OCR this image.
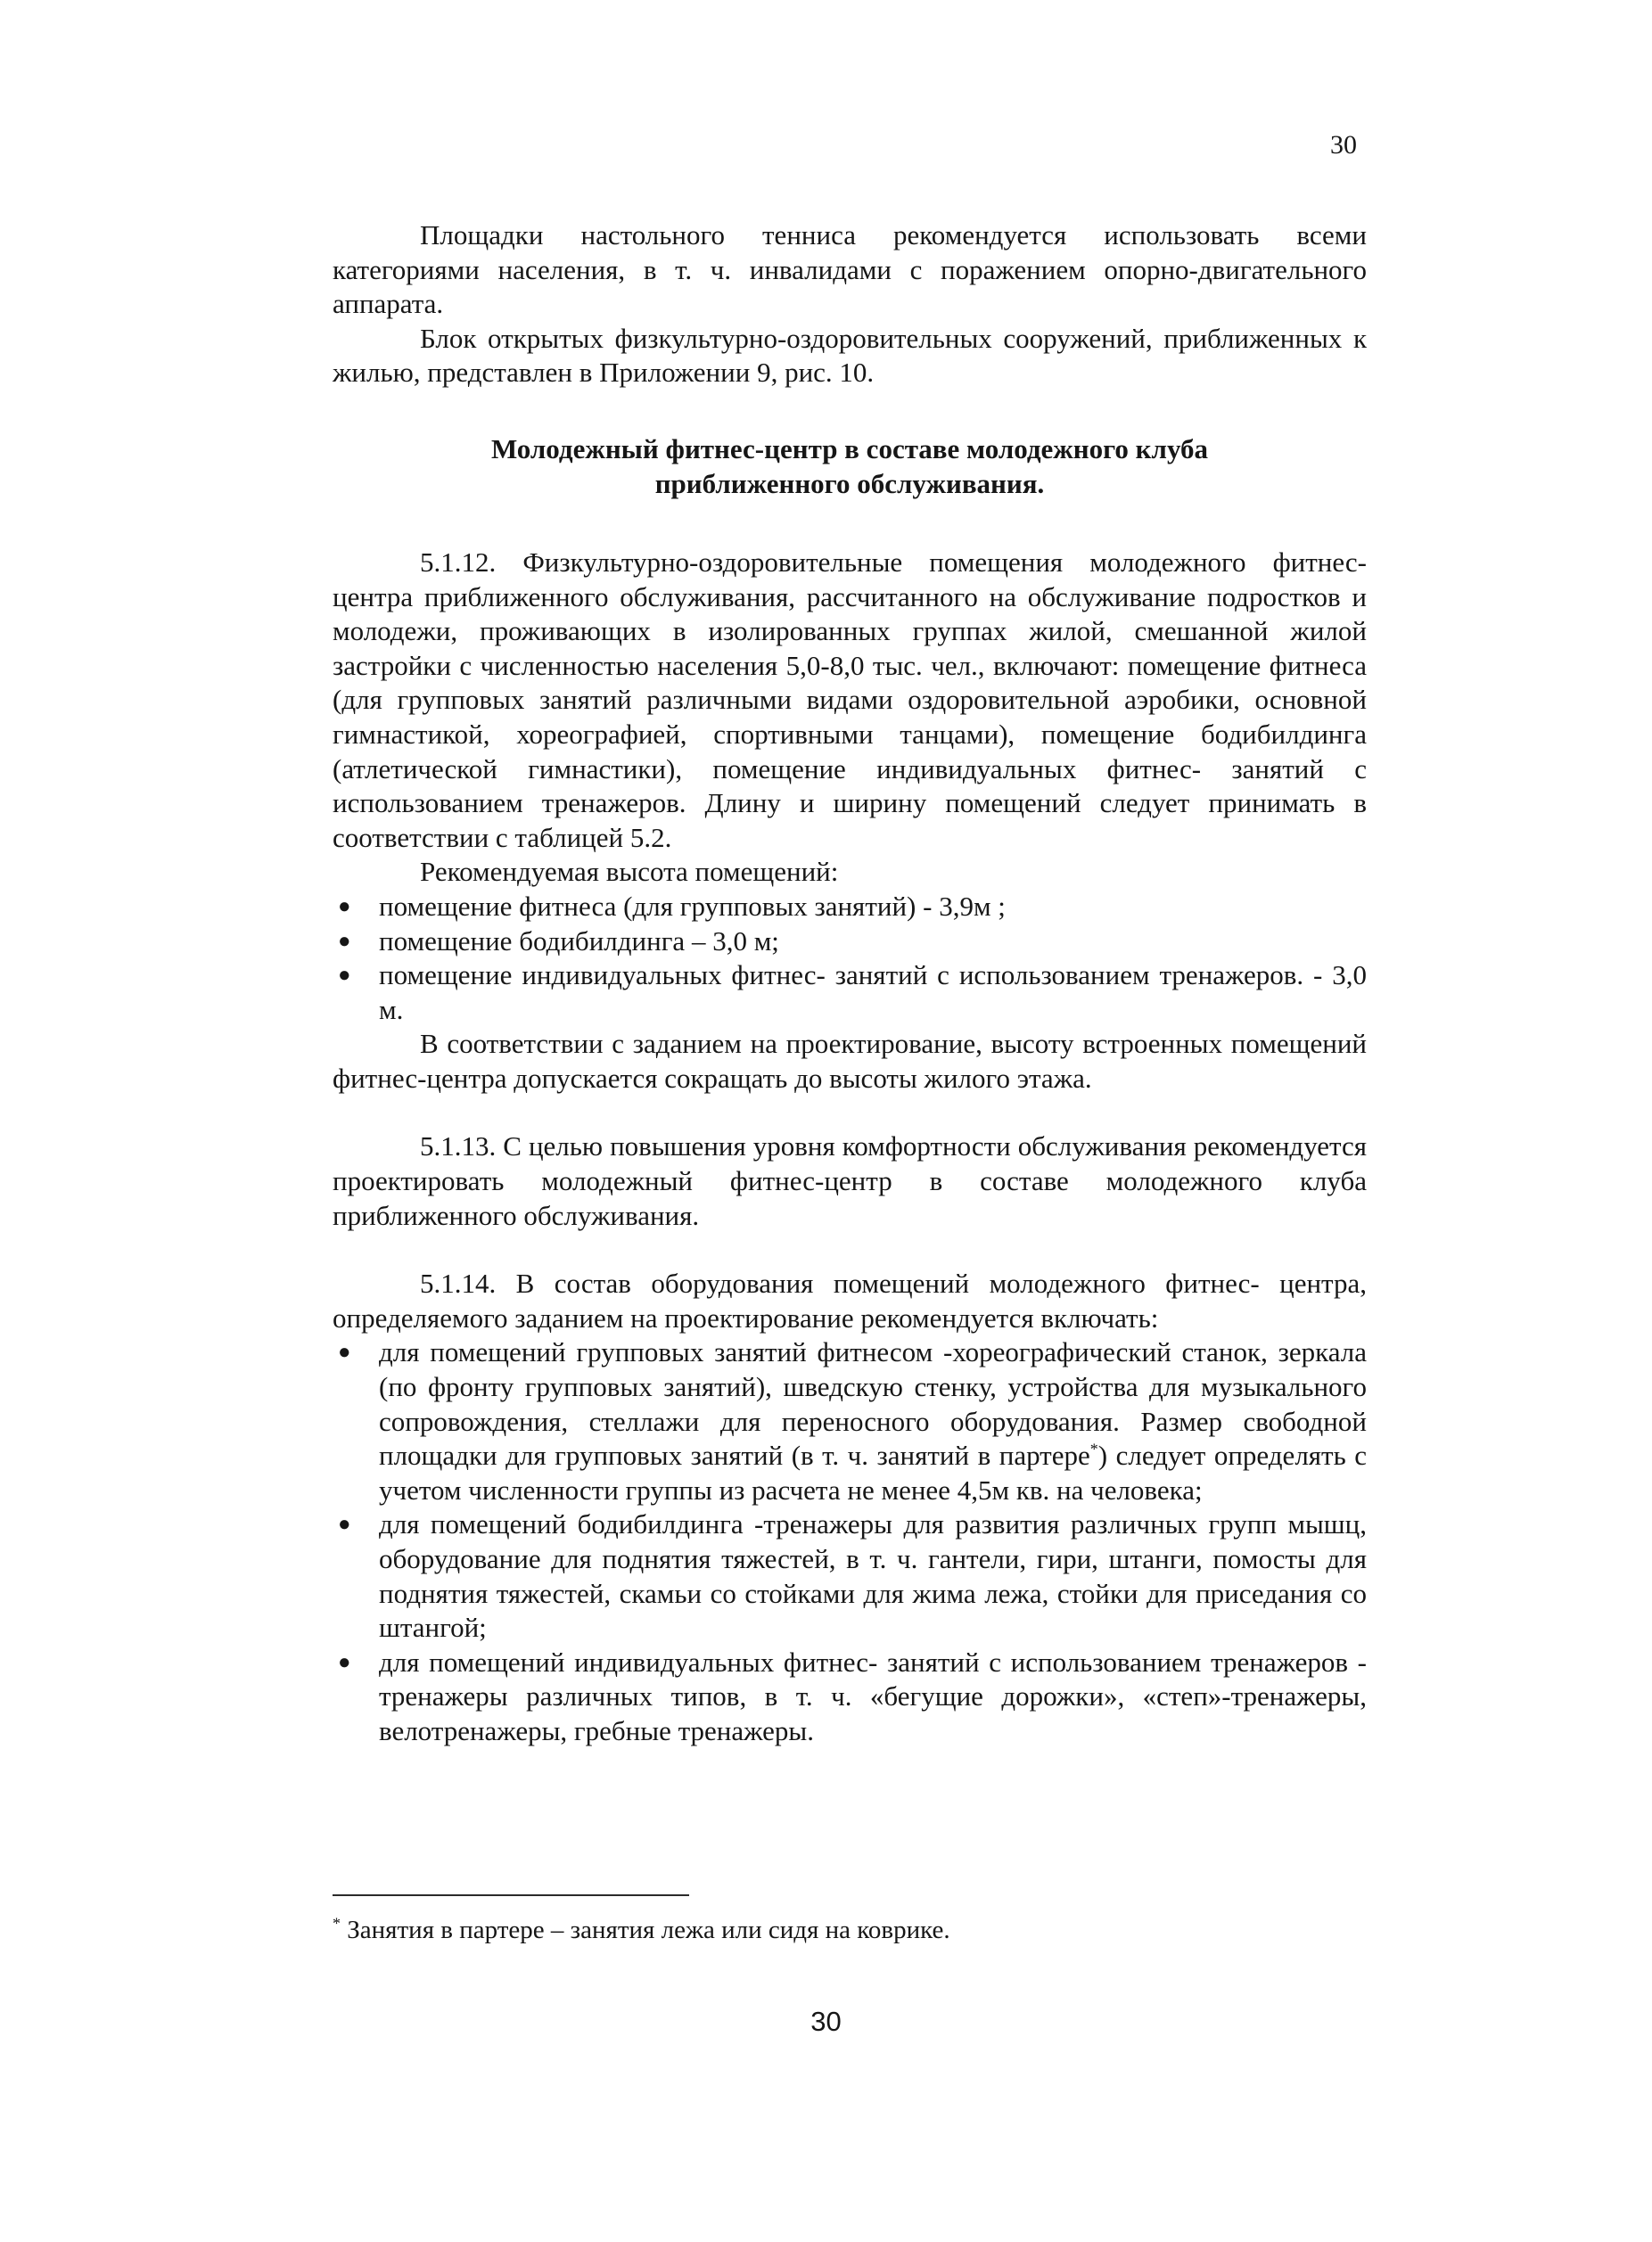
30

Площадки настольного тенниса рекомендуется использовать всеми категориями населения, в т. ч. инвалидами с поражением опорно-двигательного аппарата.

Блок открытых физкультурно-оздоровительных сооружений, приближенных к жилью, представлен в Приложении 9, рис. 10.

Молодежный фитнес-центр в составе молодежного клуба
приближенного обслуживания.

5.1.12. Физкультурно-оздоровительные помещения молодежного фитнес-центра приближенного обслуживания, рассчитанного на обслуживание подростков и молодежи, проживающих в изолированных группах жилой, смешанной жилой застройки с численностью населения 5,0-8,0 тыс. чел., включают: помещение фитнеса (для групповых занятий различными видами оздоровительной аэробики, основной гимнастикой, хореографией, спортивными танцами), помещение бодибилдинга (атлетической гимнастики), помещение индивидуальных фитнес- занятий с использованием тренажеров. Длину и ширину помещений следует принимать в соответствии с таблицей 5.2.

Рекомендуемая высота помещений:

● помещение фитнеса (для групповых занятий) - 3,9м ;
● помещение бодибилдинга – 3,0 м;
● помещение индивидуальных фитнес- занятий с использованием тренажеров. - 3,0 м.

В соответствии с заданием на проектирование, высоту встроенных помещений фитнес-центра допускается сокращать до высоты жилого этажа.

5.1.13. С целью повышения уровня комфортности обслуживания рекомендуется проектировать молодежный фитнес-центр в составе молодежного клуба приближенного обслуживания.

5.1.14. В состав оборудования помещений молодежного фитнес- центра, определяемого заданием на проектирование рекомендуется включать:

● для помещений групповых занятий фитнесом -хореографический станок, зеркала (по фронту групповых занятий), шведскую стенку, устройства для музыкального сопровождения, стеллажи для переносного оборудования. Размер свободной площадки для групповых занятий (в т. ч. занятий в партере*) следует определять с учетом численности группы из расчета не менее 4,5м кв. на человека;
● для помещений бодибилдинга -тренажеры для развития различных групп мышц, оборудование для поднятия тяжестей, в т. ч. гантели, гири, штанги, помосты для поднятия тяжестей, скамьи со стойками для жима лежа, стойки для приседания со штангой;
● для помещений индивидуальных фитнес- занятий с использованием тренажеров - тренажеры различных типов, в т. ч. «бегущие дорожки», «степ»-тренажеры, велотренажеры, гребные тренажеры.
* Занятия в партере – занятия лежа или сидя на коврике.
30
